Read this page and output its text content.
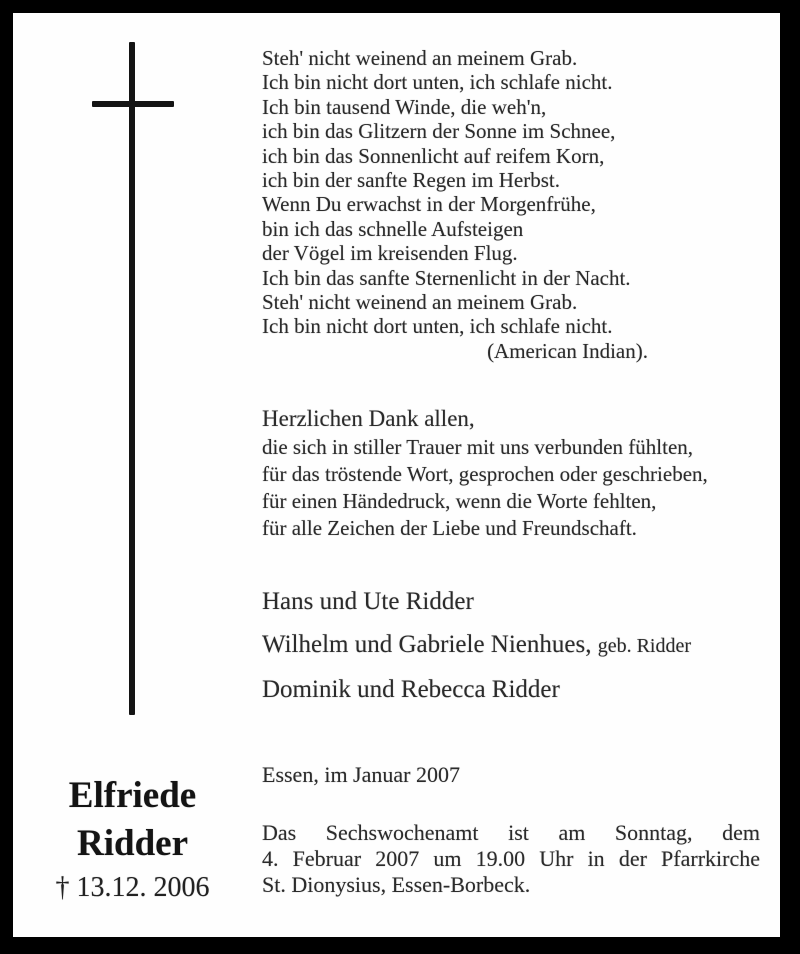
Elfriede
Ridder
† 13.12. 2006
Steh' nicht weinend an meinem Grab.
Ich bin nicht dort unten, ich schlafe nicht.
Ich bin tausend Winde, die weh'n,
ich bin das Glitzern der Sonne im Schnee,
ich bin das Sonnenlicht auf reifem Korn,
ich bin der sanfte Regen im Herbst.
Wenn Du erwachst in der Morgenfrühe,
bin ich das schnelle Aufsteigen
der Vögel im kreisenden Flug.
Ich bin das sanfte Sternenlicht in der Nacht.
Steh' nicht weinend an meinem Grab.
Ich bin nicht dort unten, ich schlafe nicht.
(American Indian).
Herzlichen Dank allen,
die sich in stiller Trauer mit uns verbunden fühlten,
für das tröstende Wort, gesprochen oder geschrieben,
für einen Händedruck, wenn die Worte fehlten,
für alle Zeichen der Liebe und Freundschaft.
Hans und Ute Ridder
Wilhelm und Gabriele Nienhues, geb. Ridder
Dominik und Rebecca Ridder
Essen, im Januar 2007
Das Sechswochenamt ist am Sonntag, dem
4. Februar 2007 um 19.00 Uhr in der Pfarrkirche
St. Dionysius, Essen-Borbeck.
